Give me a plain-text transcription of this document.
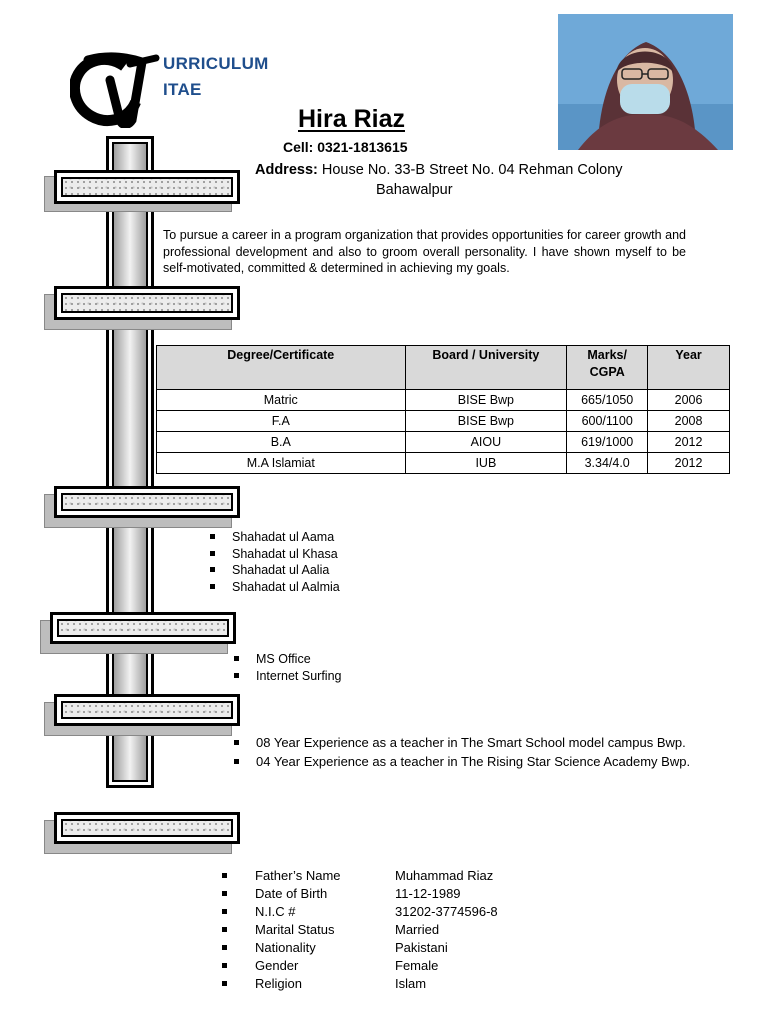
URRICULUM
ITAE
Hira Riaz
Cell: 0321-1813615
Address: House No. 33-B Street No. 04 Rehman Colony
Bahawalpur
To pursue a career in a program organization that provides opportunities for career growth and professional development and also to groom overall personality. I have shown myself to be self-motivated, committed & determined in achieving my goals.
Degree/Certificate	Board / University	Marks/ CGPA	Year
Matric	BISE Bwp	665/1050	2006
F.A	BISE Bwp	600/1100	2008
B.A	AIOU	619/1000	2012
M.A Islamiat	IUB	3.34/4.0	2012
Shahadat ul Aama
Shahadat ul Khasa
Shahadat ul Aalia
Shahadat ul Aalmia
MS Office
Internet Surfing
08 Year Experience as a teacher in The Smart School model campus Bwp.
04 Year Experience as a teacher in The Rising Star Science Academy Bwp.
Father’s Name	Muhammad Riaz
Date of Birth	11-12-1989
N.I.C #	31202-3774596-8
Marital Status	Married
Nationality	Pakistani
Gender	Female
Religion	Islam
